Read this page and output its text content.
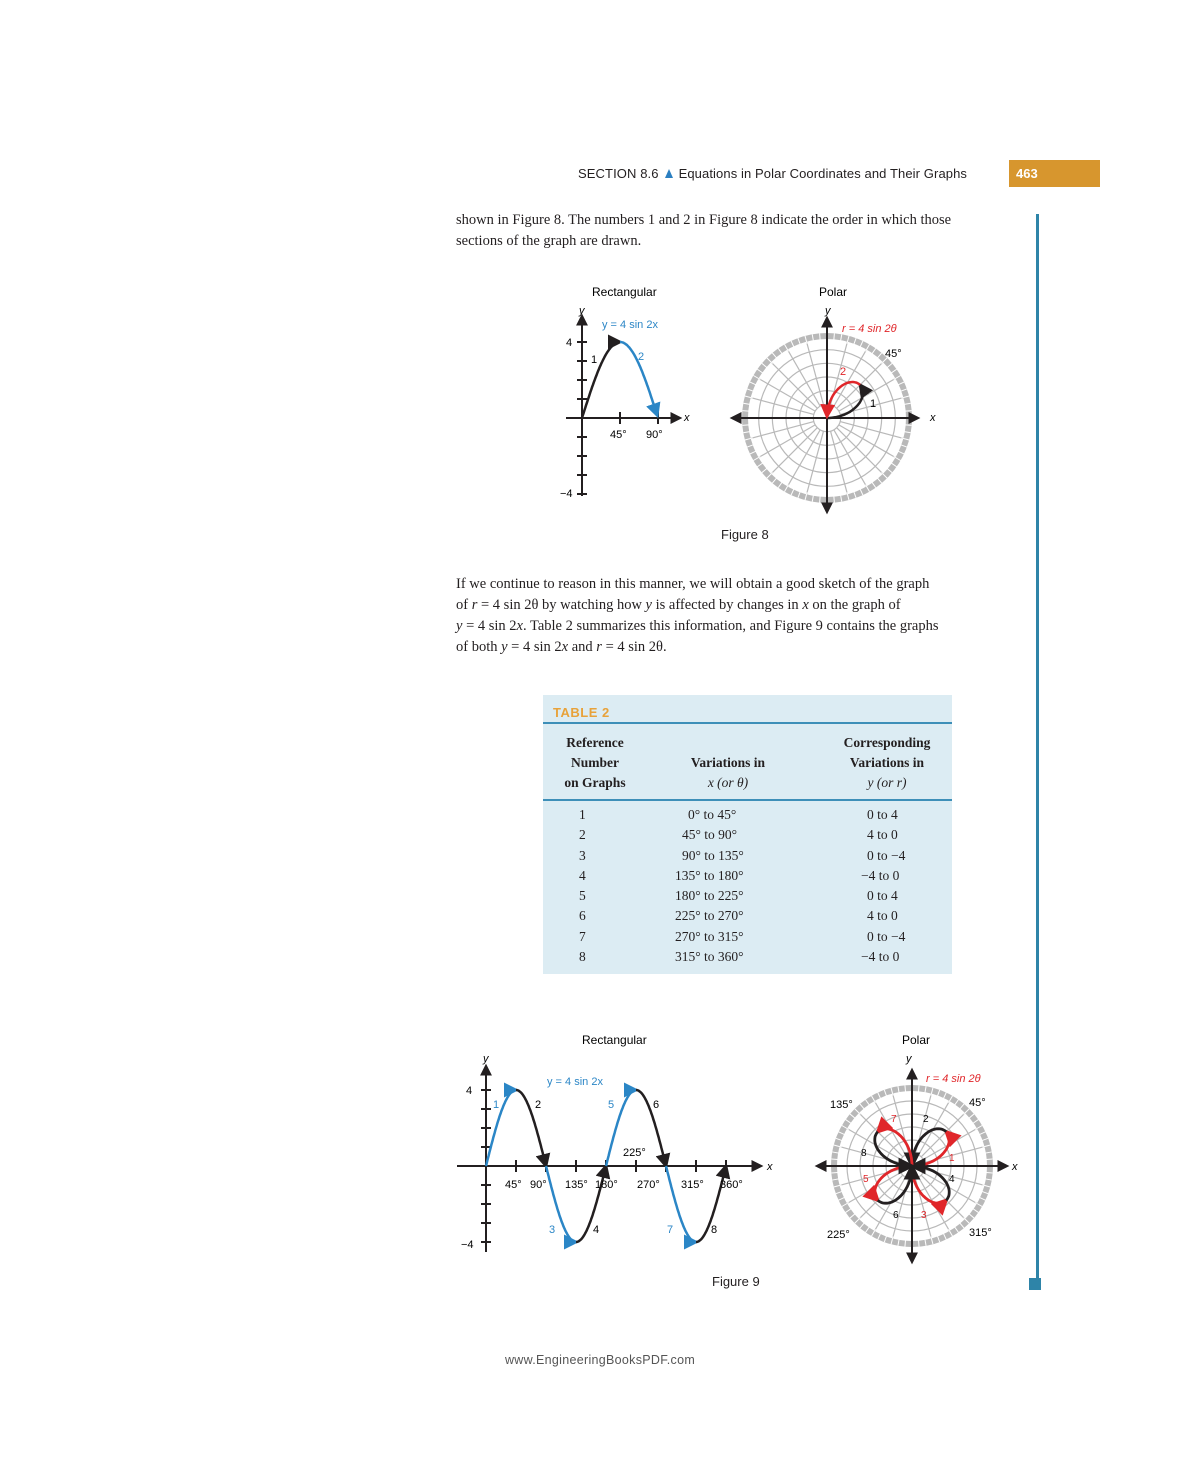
SECTION 8.6 Equations in Polar Coordinates and Their Graphs	463
shown in Figure 8. The numbers 1 and 2 in Figure 8 indicate the order in which those
sections of the graph are drawn.
Rectangular
y
x
45° 90°
4
−4
y = 4 sin 2x
1	2
Polar
y
x
r = 4 sin 2θ
45°
2
1
Figure 8
If we continue to reason in this manner, we will obtain a good sketch of the graph
of r = 4 sin 2θ by watching how y is affected by changes in x on the graph of
y = 4 sin 2x. Table 2 summarizes this information, and Figure 9 contains the graphs
of both y = 4 sin 2x and r = 4 sin 2θ.
TABLE 2
Reference
Number
on Graphs
Variations in
x (or θ)
Corresponding
Variations in
y (or r)
1	0° to 45°	0 to 4
2	45° to 90°	4 to 0
3	90° to 135°	0 to −4
4	135° to 180°	−4 to 0
5	180° to 225°	0 to 4
6	225° to 270°	4 to 0
7	270° to 315°	0 to −4
8	315° to 360°	−4 to 0
Rectangular
y
x
4
−4
y = 4 sin 2x
45° 90° 135° 180° 270° 315° 360°
225°
1	2
3	4
5	6
7	8
Polar
y
x
r = 4 sin 2θ
135°	45°
225°	315°
1
2
3
4
5
6
7
8
Figure 9
www.EngineeringBooksPDF.com
